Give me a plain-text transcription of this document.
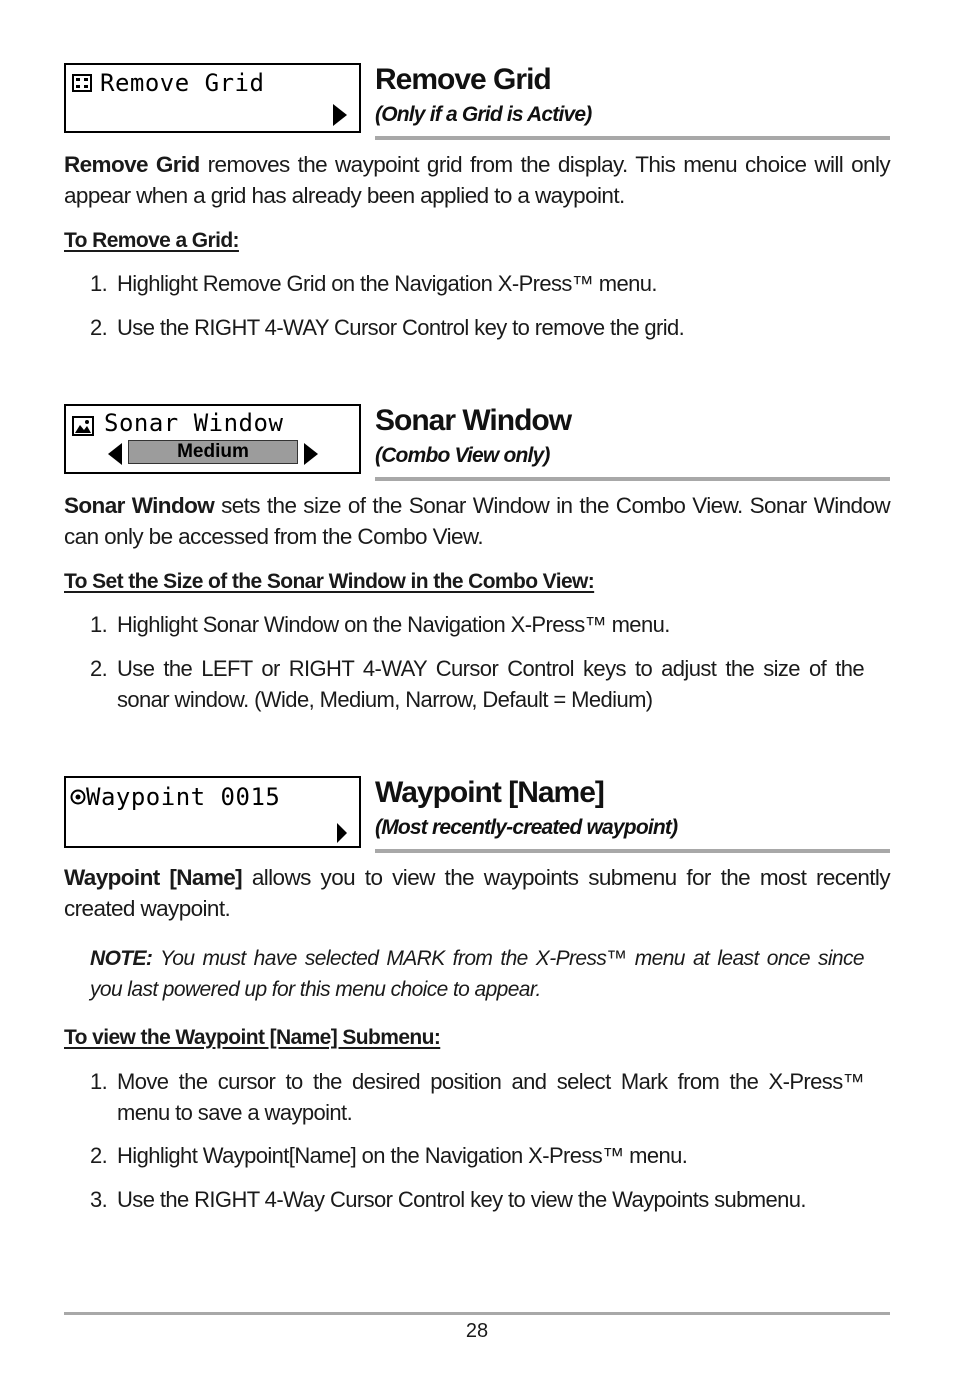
Remove Grid	Remove Grid
(Only if a Grid is Active)
Remove Grid removes the waypoint grid from the display. This menu choice will only appear when a grid has already been applied to a waypoint.
To Remove a Grid:
1. Highlight Remove Grid on the Navigation X-Press™ menu.
2. Use the RIGHT 4-WAY Cursor Control key to remove the grid.
Sonar Window
Medium
Sonar Window
(Combo View only)
Sonar Window sets the size of the Sonar Window in the Combo View. Sonar Window can only be accessed from the Combo View.
To Set the Size of the Sonar Window in the Combo View:
1. Highlight Sonar Window on the Navigation X-Press™ menu.
2. Use the LEFT or RIGHT 4-WAY Cursor Control keys to adjust the size of the sonar window. (Wide, Medium, Narrow, Default = Medium)
Waypoint 0015	Waypoint [Name]
(Most recently-created waypoint)
Waypoint [Name] allows you to view the waypoints submenu for the most recently created waypoint.
NOTE: You must have selected MARK from the X-Press™ menu at least once since you last powered up for this menu choice to appear.
To view the Waypoint [Name] Submenu:
1. Move the cursor to the desired position and select Mark from the X-Press™ menu to save a waypoint.
2. Highlight Waypoint[Name] on the Navigation X-Press™ menu.
3. Use the RIGHT 4-Way Cursor Control key to view the Waypoints submenu.
28
